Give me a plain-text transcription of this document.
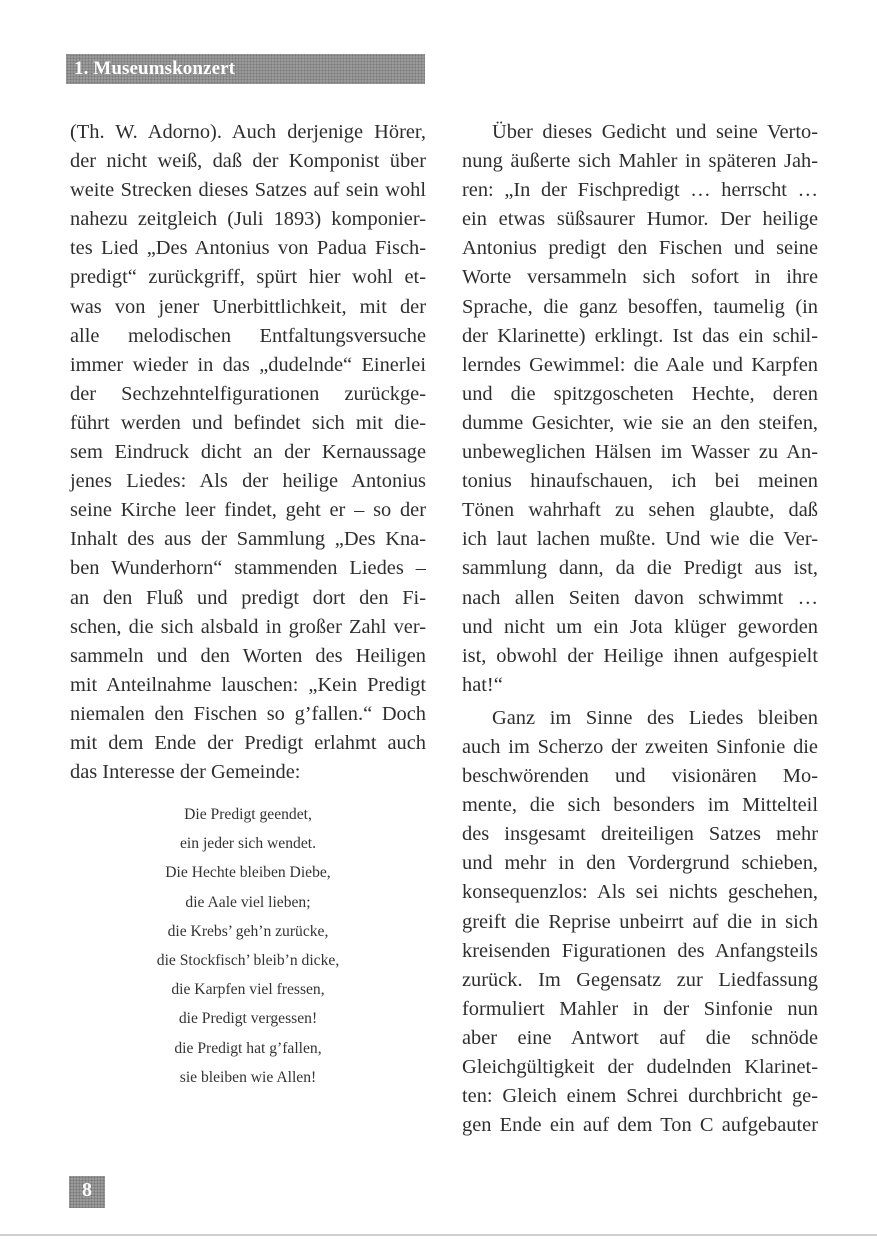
1. Museumskonzert
(Th. W. Adorno). Auch derjenige Hörer,
der nicht weiß, daß der Komponist über
weite Strecken dieses Satzes auf sein wohl
nahezu zeitgleich (Juli 1893) komponier-
tes Lied „Des Antonius von Padua Fisch-
predigt“ zurückgriff, spürt hier wohl et-
was von jener Unerbittlichkeit, mit der
alle melodischen Entfaltungsversuche
immer wieder in das „dudelnde“ Einerlei
der Sechzehntelfigurationen zurückge-
führt werden und befindet sich mit die-
sem Eindruck dicht an der Kernaussage
jenes Liedes: Als der heilige Antonius
seine Kirche leer findet, geht er – so der
Inhalt des aus der Sammlung „Des Kna-
ben Wunderhorn“ stammenden Liedes –
an den Fluß und predigt dort den Fi-
schen, die sich alsbald in großer Zahl ver-
sammeln und den Worten des Heiligen
mit Anteilnahme lauschen: „Kein Predigt
niemalen den Fischen so g’fallen.“ Doch
mit dem Ende der Predigt erlahmt auch
das Interesse der Gemeinde:
Die Predigt geendet,
ein jeder sich wendet.
Die Hechte bleiben Diebe,
die Aale viel lieben;
die Krebs’ geh’n zurücke,
die Stockfisch’ bleib’n dicke,
die Karpfen viel fressen,
die Predigt vergessen!
die Predigt hat g’fallen,
sie bleiben wie Allen!
Über dieses Gedicht und seine Verto-
nung äußerte sich Mahler in späteren Jah-
ren: „In der Fischpredigt … herrscht …
ein etwas süßsaurer Humor. Der heilige
Antonius predigt den Fischen und seine
Worte versammeln sich sofort in ihre
Sprache, die ganz besoffen, taumelig (in
der Klarinette) erklingt. Ist das ein schil-
lerndes Gewimmel: die Aale und Karpfen
und die spitzgoscheten Hechte, deren
dumme Gesichter, wie sie an den steifen,
unbeweglichen Hälsen im Wasser zu An-
tonius hinaufschauen, ich bei meinen
Tönen wahrhaft zu sehen glaubte, daß
ich laut lachen mußte. Und wie die Ver-
sammlung dann, da die Predigt aus ist,
nach allen Seiten davon schwimmt …
und nicht um ein Jota klüger geworden
ist, obwohl der Heilige ihnen aufgespielt
hat!“
Ganz im Sinne des Liedes bleiben
auch im Scherzo der zweiten Sinfonie die
beschwörenden und visionären Mo-
mente, die sich besonders im Mittelteil
des insgesamt dreiteiligen Satzes mehr
und mehr in den Vordergrund schieben,
konsequenzlos: Als sei nichts geschehen,
greift die Reprise unbeirrt auf die in sich
kreisenden Figurationen des Anfangsteils
zurück. Im Gegensatz zur Liedfassung
formuliert Mahler in der Sinfonie nun
aber eine Antwort auf die schnöde
Gleichgültigkeit der dudelnden Klarinet-
ten: Gleich einem Schrei durchbricht ge-
gen Ende ein auf dem Ton C aufgebauter
8
